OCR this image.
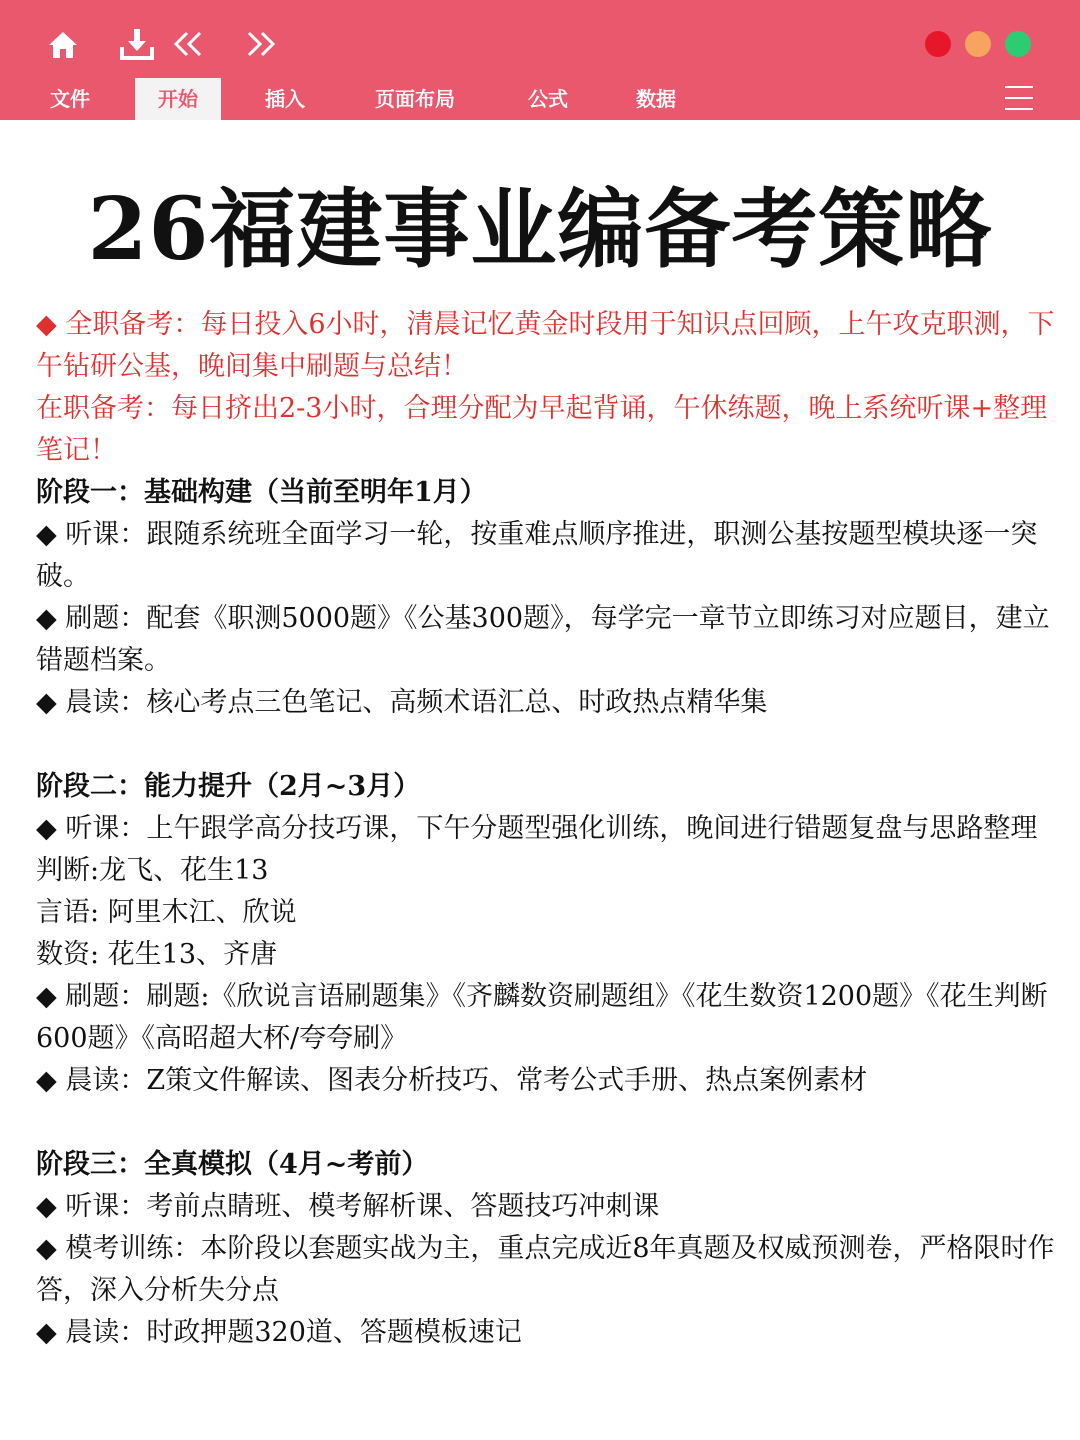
文件	开始	插入	页面布局	公式	数据
26福建事业编备考策略

◆ 全职备考：每日投入6小时，清晨记忆黄金时段用于知识点回顾，上午攻克职测，下午钻研公基，晚间集中刷题与总结！

在职备考：每日挤出2-3小时，合理分配为早起背诵，午休练题，晚上系统听课+整理笔记！

阶段一：基础构建（当前至明年1月）

◆ 听课：跟随系统班全面学习一轮，按重难点顺序推进，职测公基按题型模块逐一突破。

◆ 刷题：配套《职测5000题》《公基300题》，每学完一章节立即练习对应题目，建立错题档案。

◆ 晨读：核心考点三色笔记、高频术语汇总、时政热点精华集

阶段二：能力提升（2月~3月）

◆ 听课：上午跟学高分技巧课，下午分题型强化训练，晚间进行错题复盘与思路整理

判断:龙飞、花生13

言语: 阿里木江、欣说

数资: 花生13、齐唐

◆ 刷题：刷题:《欣说言语刷题集》《齐麟数资刷题组》《花生数资1200题》《花生判断600题》《高昭超大杯/夸夸刷》

◆ 晨读：Z策文件解读、图表分析技巧、常考公式手册、热点案例素材

阶段三：全真模拟（4月~考前）

◆ 听课：考前点睛班、模考解析课、答题技巧冲刺课

◆ 模考训练：本阶段以套题实战为主，重点完成近8年真题及权威预测卷，严格限时作答，深入分析失分点

◆ 晨读：时政押题320道、答题模板速记
